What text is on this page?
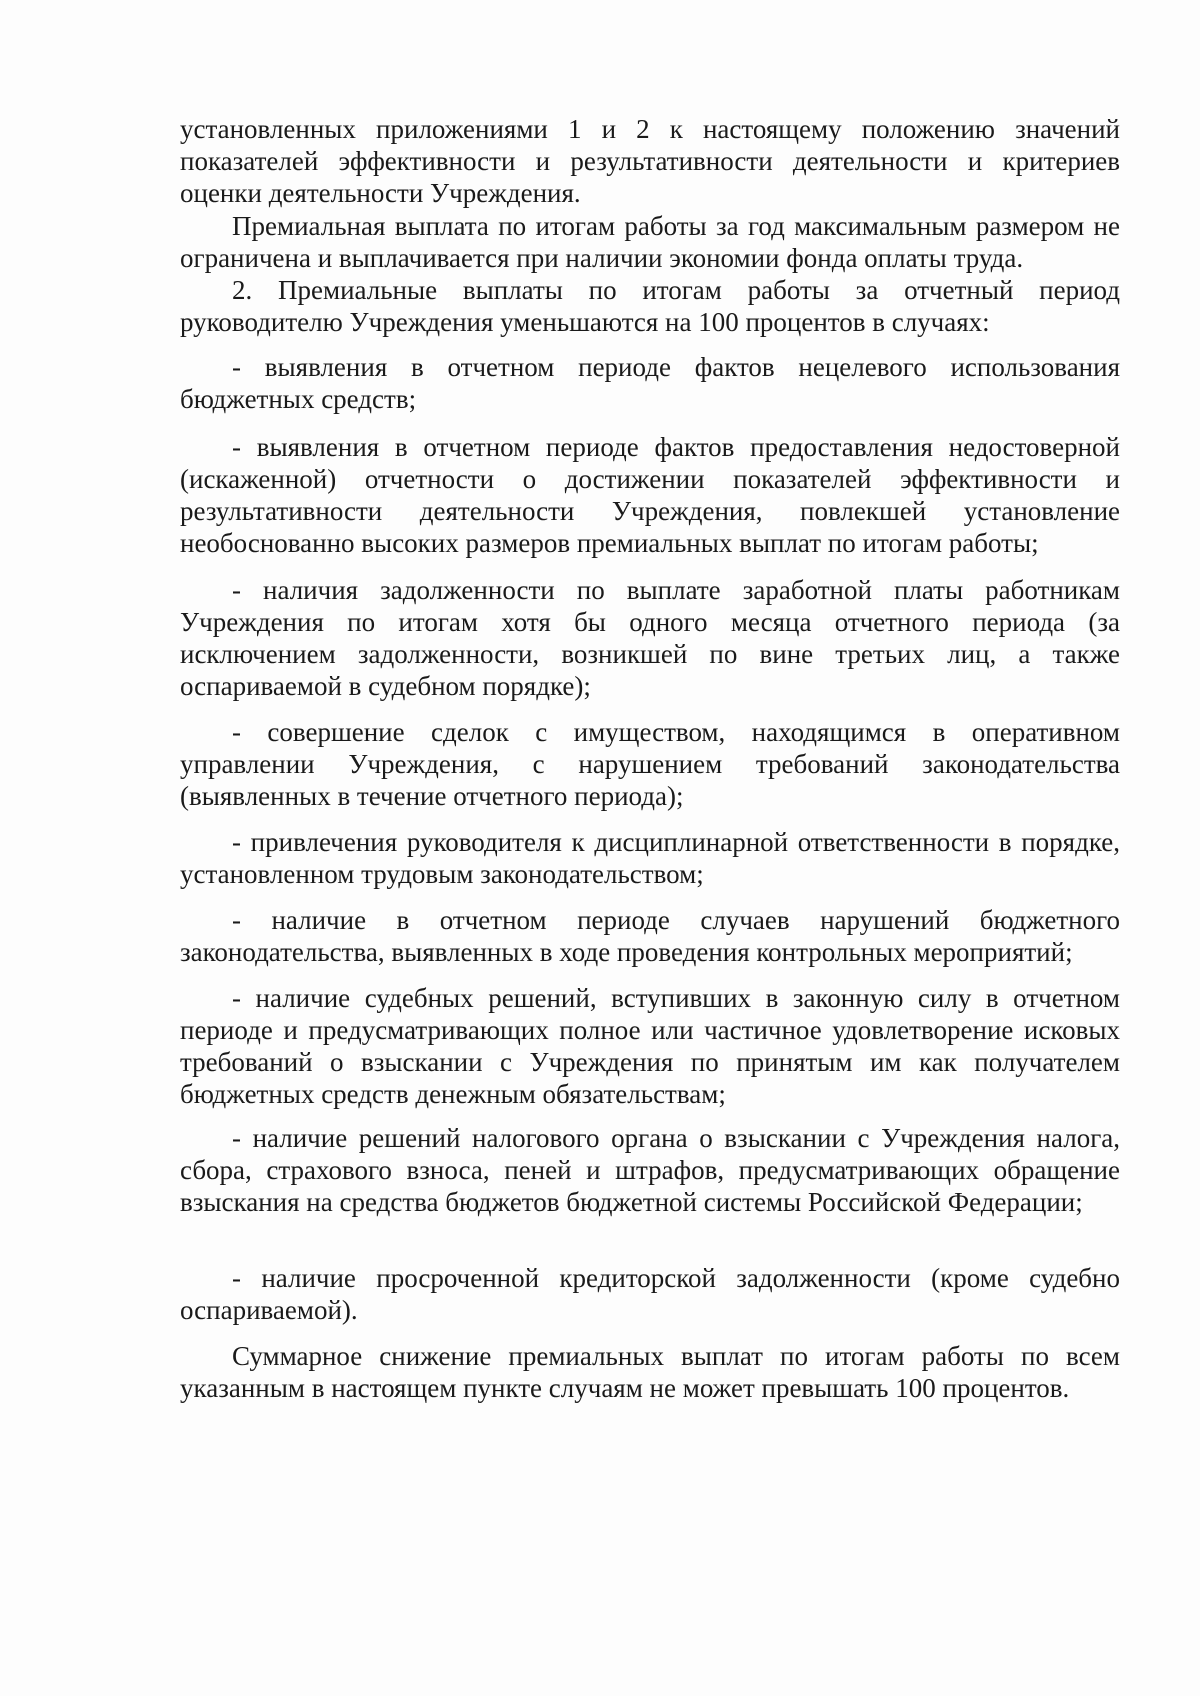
установленных приложениями 1 и 2 к настоящему положению значений показателей эффективности и результативности деятельности и критериев оценки деятельности Учреждения.

Премиальная выплата по итогам работы за год максимальным размером не ограничена и выплачивается при наличии экономии фонда оплаты труда.

2. Премиальные выплаты по итогам работы за отчетный период руководителю Учреждения уменьшаются на 100 процентов в случаях:

- выявления в отчетном периоде фактов нецелевого использования бюджетных средств;

- выявления в отчетном периоде фактов предоставления недостоверной (искаженной) отчетности о достижении показателей эффективности и результативности деятельности Учреждения, повлекшей установление необоснованно высоких размеров премиальных выплат по итогам работы;

- наличия задолженности по выплате заработной платы работникам Учреждения по итогам хотя бы одного месяца отчетного периода (за исключением задолженности, возникшей по вине третьих лиц, а также оспариваемой в судебном порядке);

- совершение сделок с имуществом, находящимся в оперативном управлении Учреждения, с нарушением требований законодательства (выявленных в течение отчетного периода);

- привлечения руководителя к дисциплинарной ответственности в порядке, установленном трудовым законодательством;

- наличие в отчетном периоде случаев нарушений бюджетного законодательства, выявленных в ходе проведения контрольных мероприятий;

- наличие судебных решений, вступивших в законную силу в отчетном периоде и предусматривающих полное или частичное удовлетворение исковых требований о взыскании с Учреждения по принятым им как получателем бюджетных средств денежным обязательствам;

- наличие решений налогового органа о взыскании с Учреждения налога, сбора, страхового взноса, пеней и штрафов, предусматривающих обращение взыскания на средства бюджетов бюджетной системы Российской Федерации;

- наличие просроченной кредиторской задолженности (кроме судебно оспариваемой).

Суммарное снижение премиальных выплат по итогам работы по всем указанным в настоящем пункте случаям не может превышать 100 процентов.
